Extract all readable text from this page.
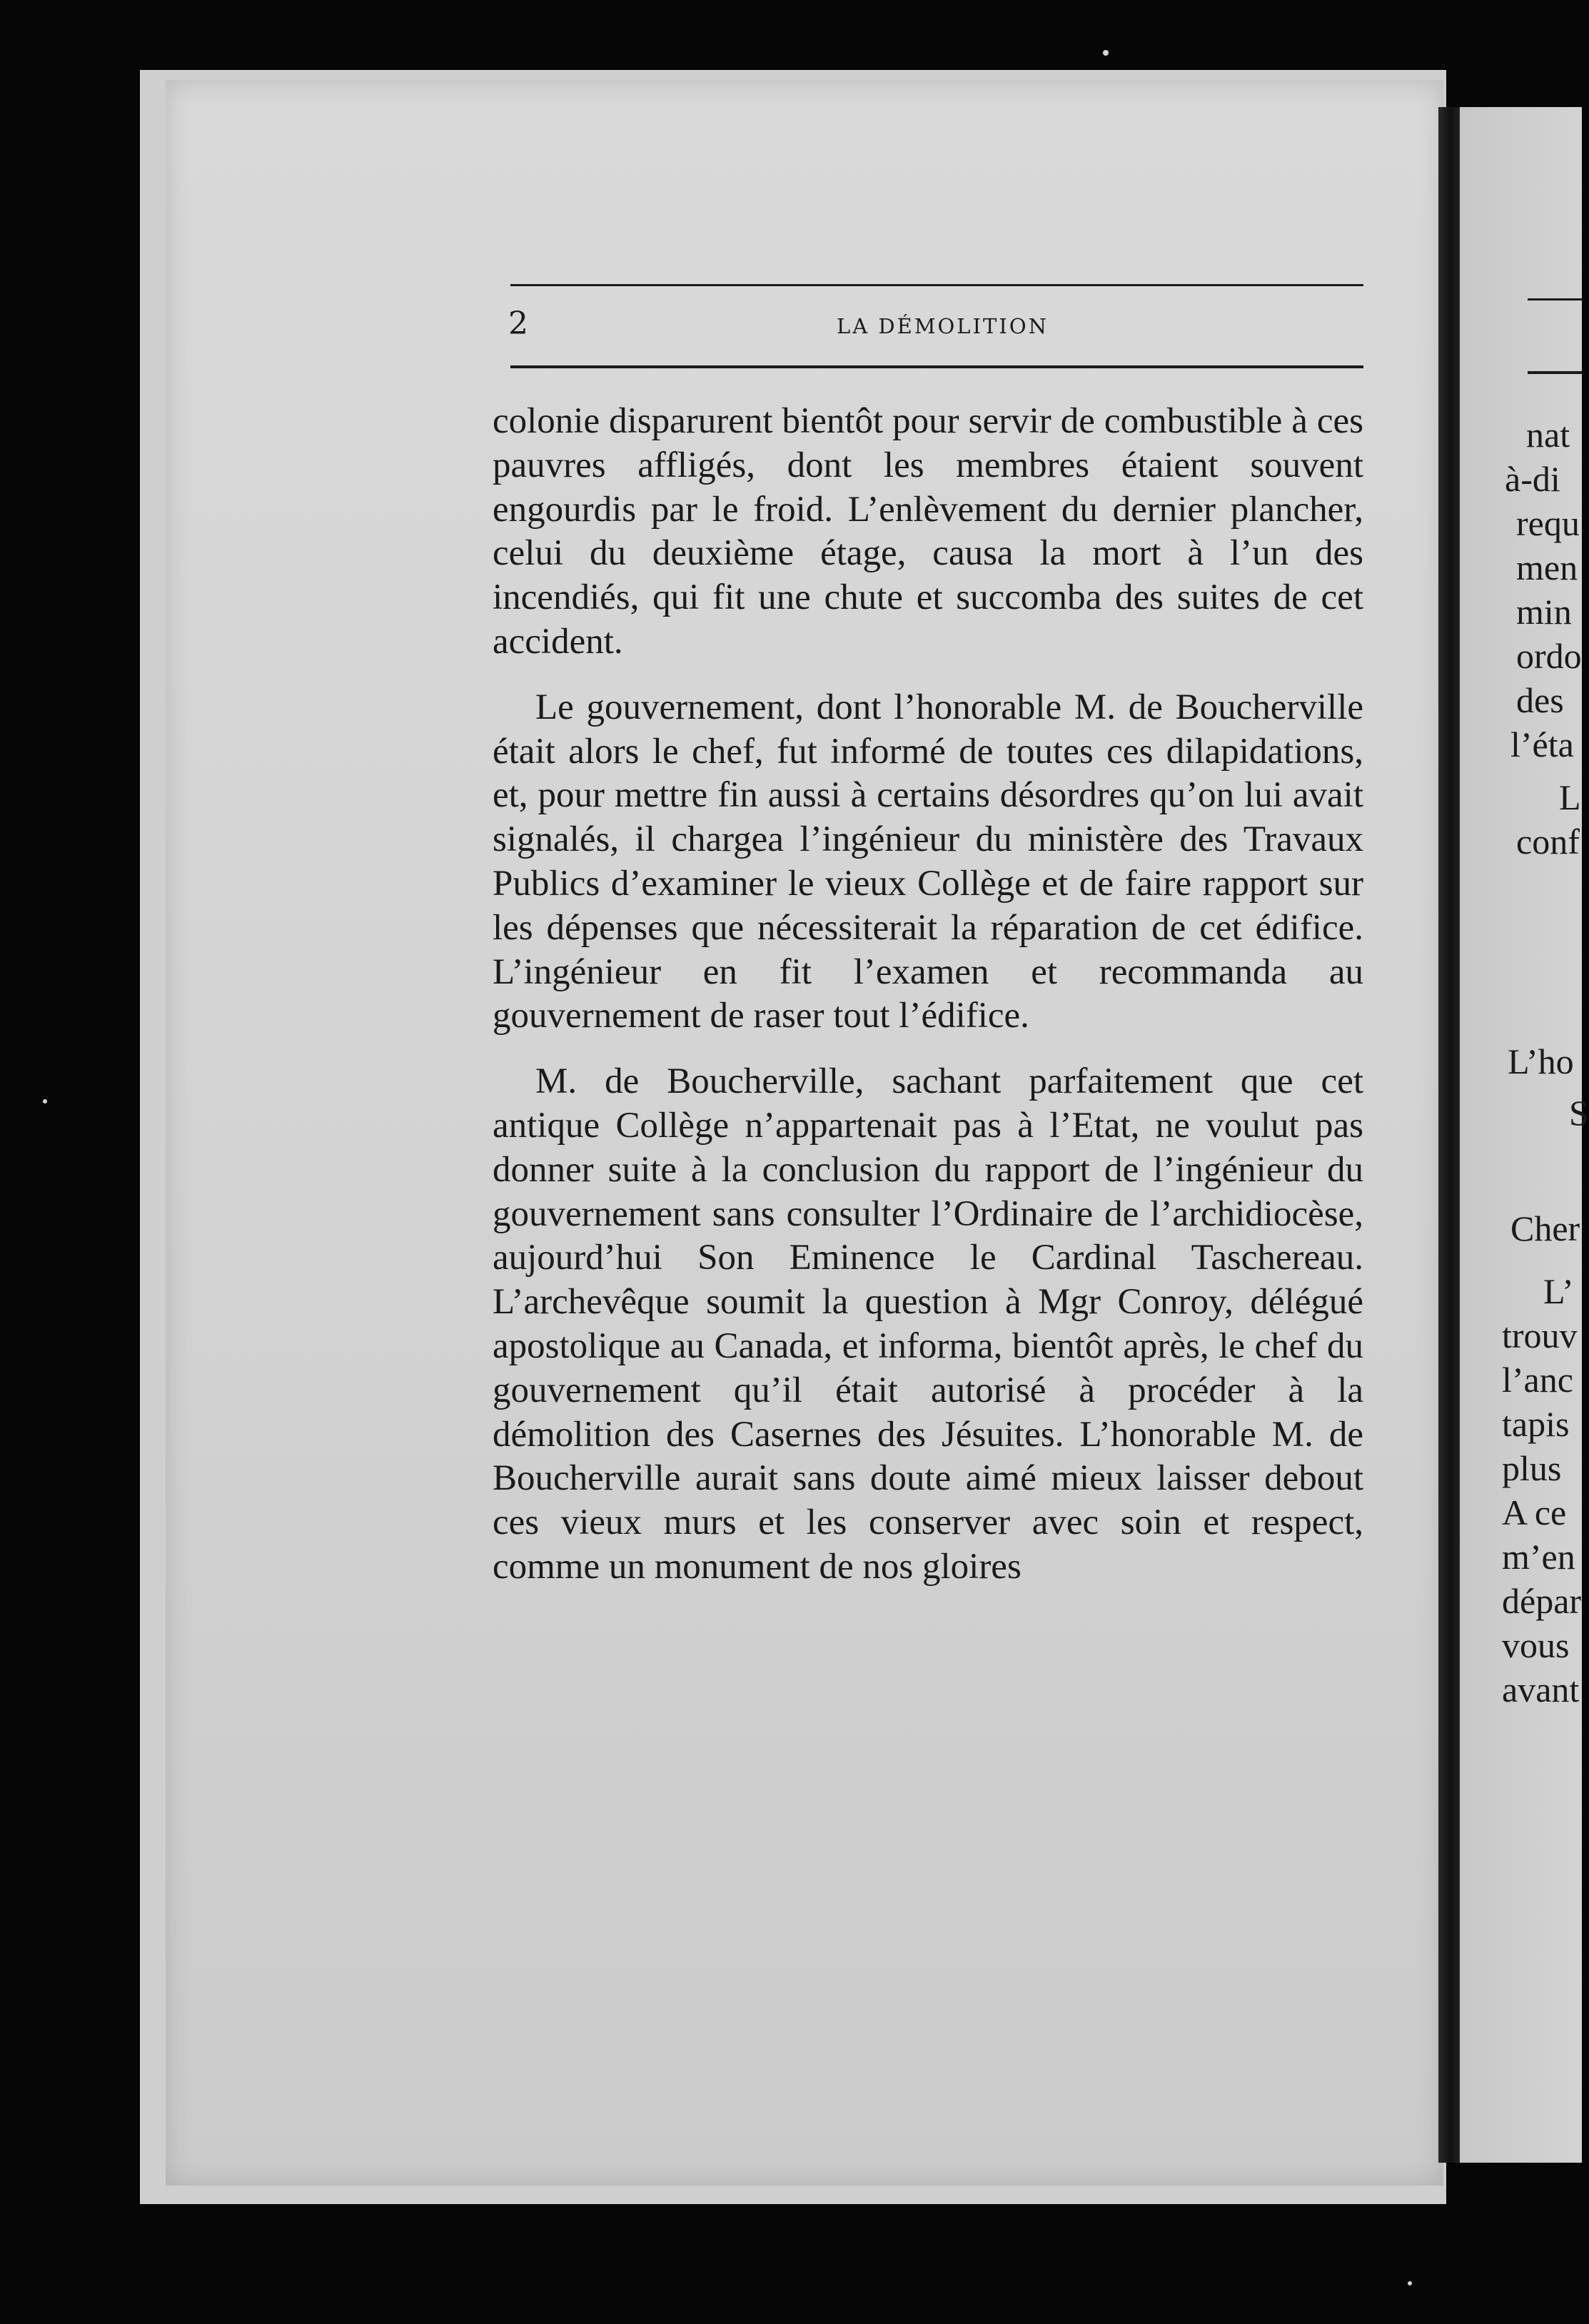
2	LA DÉMOLITION

colonie disparurent bientôt pour servir de combustible à ces pauvres affligés, dont les membres étaient souvent engourdis par le froid. L’enlèvement du dernier plancher, celui du deuxième étage, causa la mort à l’un des incendiés, qui fit une chute et succomba des suites de cet accident.

Le gouvernement, dont l’honorable M. de Boucherville était alors le chef, fut informé de toutes ces dilapidations, et, pour mettre fin aussi à certains désordres qu’on lui avait signalés, il chargea l’ingénieur du ministère des Travaux Publics d’examiner le vieux Collège et de faire rapport sur les dépenses que nécessiterait la réparation de cet édifice. L’ingénieur en fit l’examen et recommanda au gouvernement de raser tout l’édifice.

M. de Boucherville, sachant parfaitement que cet antique Collège n’appartenait pas à l’Etat, ne voulut pas donner suite à la conclusion du rapport de l’ingénieur du gouvernement sans consulter l’Ordinaire de l’archidiocèse, aujourd’hui Son Eminence le Cardinal Taschereau. L’archevêque soumit la question à Mgr Conroy, délégué apostolique au Canada, et informa, bientôt après, le chef du gouvernement qu’il était autorisé à procéder à la démolition des Casernes des Jésuites. L’honorable M. de Boucherville aurait sans doute aimé mieux laisser debout ces vieux murs et les conserver avec soin et respect, comme un monument de nos gloires

nat
à-di
requ
men
min
ordo
des
l’éta
L
conf
L’ho
S
Cher
L’
trouv
l’anc
tapis
plus
A ce
m’en
dépar
vous
avant
